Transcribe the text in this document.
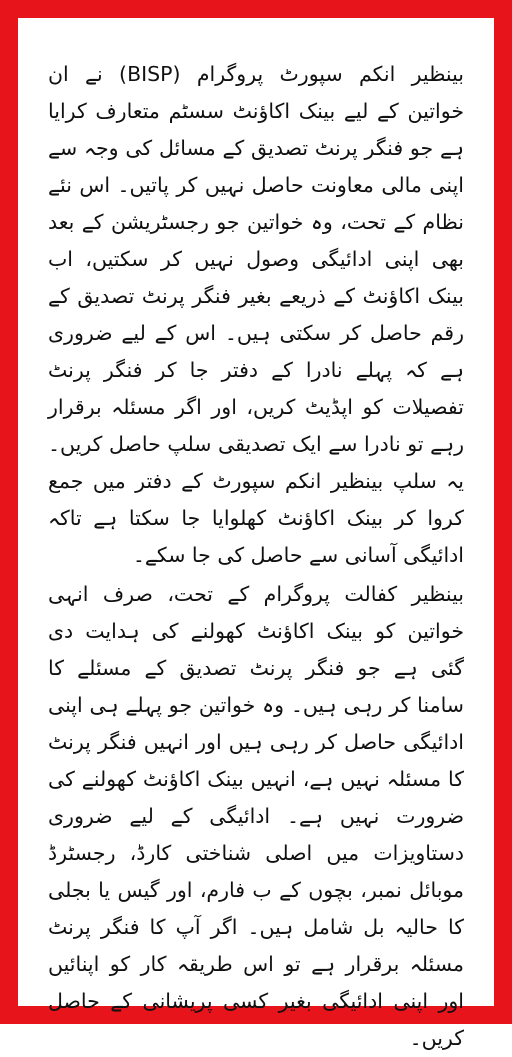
بینظیر انکم سپورٹ پروگرام (BISP) نے ان خواتین کے لیے بینک اکاؤنٹ سسٹم متعارف کرایا ہے جو فنگر پرنٹ تصدیق کے مسائل کی وجہ سے اپنی مالی معاونت حاصل نہیں کر پاتیں۔ اس نئے نظام کے تحت، وہ خواتین جو رجسٹریشن کے بعد بھی اپنی ادائیگی وصول نہیں کر سکتیں، اب بینک اکاؤنٹ کے ذریعے بغیر فنگر پرنٹ تصدیق کے رقم حاصل کر سکتی ہیں۔ اس کے لیے ضروری ہے کہ پہلے نادرا کے دفتر جا کر فنگر پرنٹ تفصیلات کو اپڈیٹ کریں، اور اگر مسئلہ برقرار رہے تو نادرا سے ایک تصدیقی سلپ حاصل کریں۔ یہ سلپ بینظیر انکم سپورٹ کے دفتر میں جمع کروا کر بینک اکاؤنٹ کھلوایا جا سکتا ہے تاکہ ادائیگی آسانی سے حاصل کی جا سکے۔

بینظیر کفالت پروگرام کے تحت، صرف انہی خواتین کو بینک اکاؤنٹ کھولنے کی ہدایت دی گئی ہے جو فنگر پرنٹ تصدیق کے مسئلے کا سامنا کر رہی ہیں۔ وہ خواتین جو پہلے ہی اپنی ادائیگی حاصل کر رہی ہیں اور انہیں فنگر پرنٹ کا مسئلہ نہیں ہے، انہیں بینک اکاؤنٹ کھولنے کی ضرورت نہیں ہے۔ ادائیگی کے لیے ضروری دستاویزات میں اصلی شناختی کارڈ، رجسٹرڈ موبائل نمبر، بچوں کے ب فارم، اور گیس یا بجلی کا حالیہ بل شامل ہیں۔ اگر آپ کا فنگر پرنٹ مسئلہ برقرار ہے تو اس طریقہ کار کو اپنائیں اور اپنی ادائیگی بغیر کسی پریشانی کے حاصل کریں۔
